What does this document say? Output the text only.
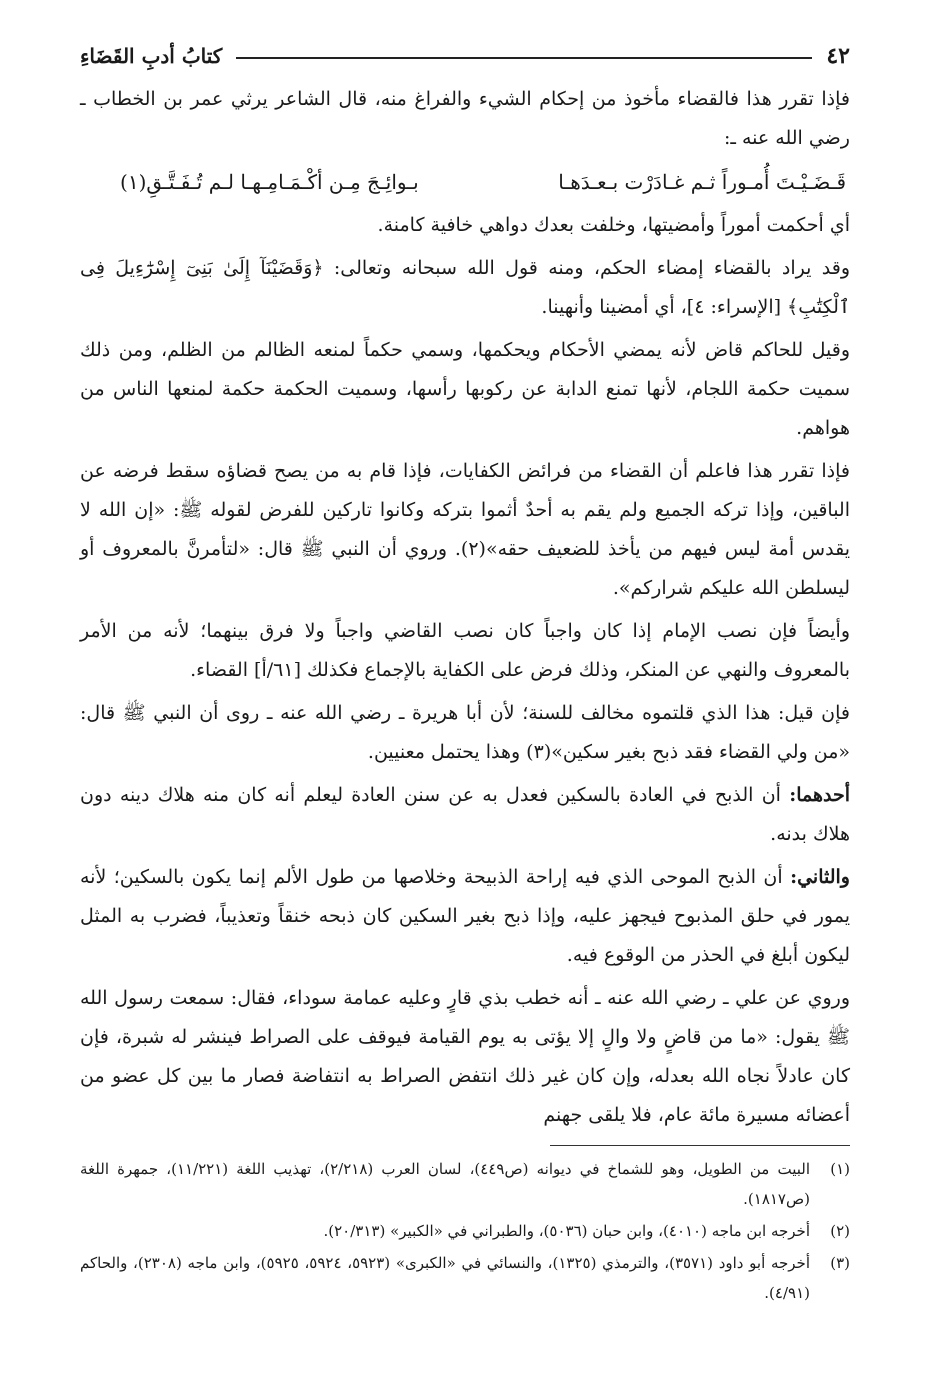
٤٢
كتابُ أدبِ القَضَاءِ

فإذا تقرر هذا فالقضاء مأخوذ من إحكام الشيء والفراغ منه، قال الشاعر يرثي عمر بن الخطاب ـ رضي الله عنه ـ:

قَـضَـيْـتَ أُمـوراً ثـم غـادَرْت بـعـدَهـا
بـوائِـجَ مِـن أكْـمَـامِـهـا لـم تُـفَـتَّـقِ(١)

أي أحكمت أموراً وأمضيتها، وخلفت بعدك دواهي خافية كامنة.

وقد يراد بالقضاء إمضاء الحكم، ومنه قول الله سبحانه وتعالى: ﴿وَقَضَيْنَآ إِلَىٰ بَنِىٓ إِسْرَٰٓءِيلَ فِى ٱلْكِتَٰبِ﴾ [الإسراء: ٤]، أي أمضينا وأنهينا.

وقيل للحاكم قاض لأنه يمضي الأحكام ويحكمها، وسمي حكماً لمنعه الظالم من الظلم، ومن ذلك سميت حكمة اللجام، لأنها تمنع الدابة عن ركوبها رأسها، وسميت الحكمة حكمة لمنعها الناس من هواهم.

فإذا تقرر هذا فاعلم أن القضاء من فرائض الكفايات، فإذا قام به من يصح قضاؤه سقط فرضه عن الباقين، وإذا تركه الجميع ولم يقم به أحدٌ أثموا بتركه وكانوا تاركين للفرض لقوله ﷺ: «إن الله لا يقدس أمة ليس فيهم من يأخذ للضعيف حقه»(٢). وروي أن النبي ﷺ قال: «لتأمرنَّ بالمعروف أو ليسلطن الله عليكم شراركم».

وأيضاً فإن نصب الإمام إذا كان واجباً كان نصب القاضي واجباً ولا فرق بينهما؛ لأنه من الأمر بالمعروف والنهي عن المنكر، وذلك فرض على الكفاية بالإجماع فكذلك [٦١/أ] القضاء.

فإن قيل: هذا الذي قلتموه مخالف للسنة؛ لأن أبا هريرة ـ رضي الله عنه ـ روى أن النبي ﷺ قال: «من ولي القضاء فقد ذبح بغير سكين»(٣) وهذا يحتمل معنيين.

أحدهما: أن الذبح في العادة بالسكين فعدل به عن سنن العادة ليعلم أنه كان منه هلاك دينه دون هلاك بدنه.

والثاني: أن الذبح الموحى الذي فيه إراحة الذبيحة وخلاصها من طول الألم إنما يكون بالسكين؛ لأنه يمور في حلق المذبوح فيجهز عليه، وإذا ذبح بغير السكين كان ذبحه خنقاً وتعذيباً، فضرب به المثل ليكون أبلغ في الحذر من الوقوع فيه.

وروي عن علي ـ رضي الله عنه ـ أنه خطب بذي قارٍ وعليه عمامة سوداء، فقال: سمعت رسول الله ﷺ يقول: «ما من قاضٍ ولا والٍ إلا يؤتى به يوم القيامة فيوقف على الصراط فينشر له شبرة، فإن كان عادلاً نجاه الله بعدله، وإن كان غير ذلك انتفض الصراط به انتفاضة فصار ما بين كل عضو من أعضائه مسيرة مائة عام، فلا يلقى جهنم

(١)
البيت من الطويل، وهو للشماخ في ديوانه (ص٤٤٩)، لسان العرب (٢/٢١٨)، تهذيب اللغة (١١/٢٢١)، جمهرة اللغة (ص١٨١٧).
(٢)
أخرجه ابن ماجه (٤٠١٠)، وابن حبان (٥٠٣٦)، والطبراني في «الكبير» (٢٠/٣١٣).
(٣)
أخرجه أبو داود (٣٥٧١)، والترمذي (١٣٢٥)، والنسائي في «الكبرى» (٥٩٢٣، ٥٩٢٤، ٥٩٢٥)، وابن ماجه (٢٣٠٨)، والحاكم (٤/٩١).
